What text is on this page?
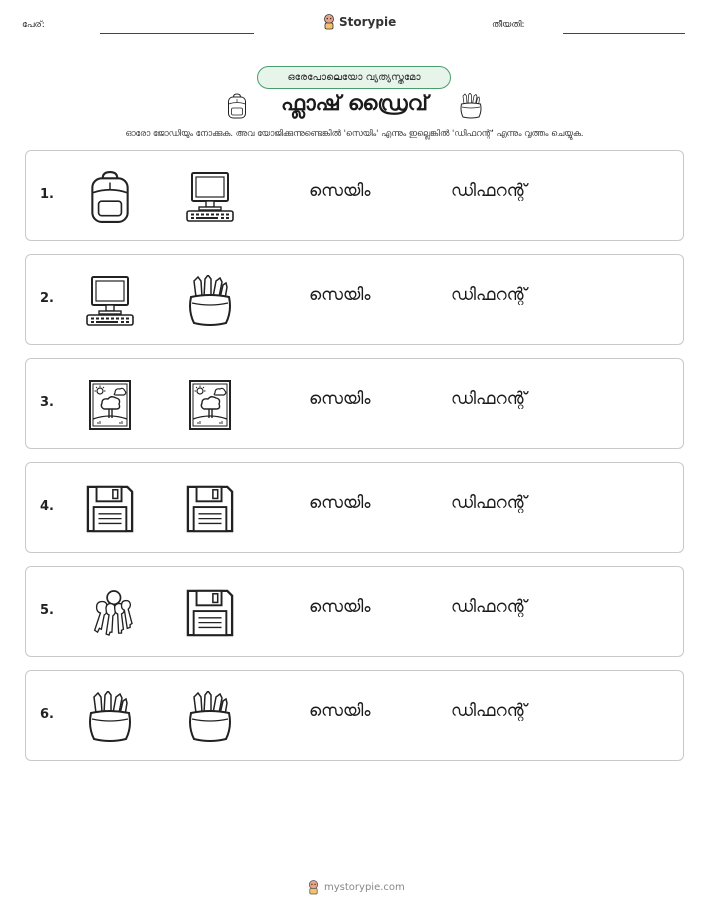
പേര്:	Storypie	തീയതി:
ഒരേപോലെയോ വ്യത്യസ്തമോ
ഫ്ലാഷ് ഡ്രൈവ്
ഓരോ ജോഡിയും നോക്കുക. അവ യോജിക്കുന്നുണ്ടെങ്കിൽ 'സെയിം' എന്നും ഇല്ലെങ്കിൽ 'ഡിഫറന്റ്' എന്നും വൃത്തം ചെയ്യുക.
1.	സെയിം	ഡിഫറന്റ്
2.	സെയിം	ഡിഫറന്റ്
3.	സെയിം	ഡിഫറന്റ്
4.	സെയിം	ഡിഫറന്റ്
5.	സെയിം	ഡിഫറന്റ്
6.	സെയിം	ഡിഫറന്റ്
mystorypie.com
